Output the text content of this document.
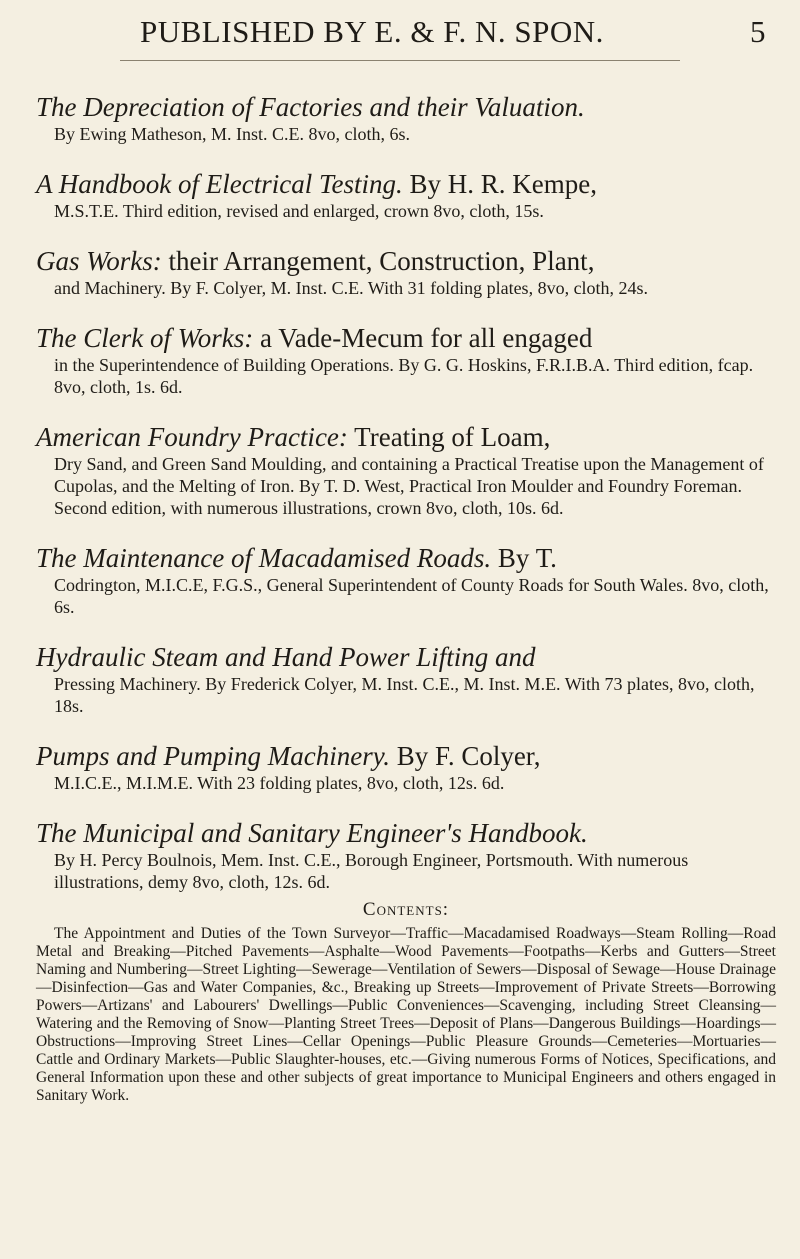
PUBLISHED BY E. & F. N. SPON.	5
The Depreciation of Factories and their Valuation.
By Ewing Matheson, M. Inst. C.E. 8vo, cloth, 6s.
A Handbook of Electrical Testing. By H. R. Kempe,
M.S.T.E. Third edition, revised and enlarged, crown 8vo, cloth, 15s.
Gas Works: their Arrangement, Construction, Plant,
and Machinery. By F. Colyer, M. Inst. C.E. With 31 folding plates, 8vo, cloth, 24s.
The Clerk of Works: a Vade-Mecum for all engaged
in the Superintendence of Building Operations. By G. G. Hoskins, F.R.I.B.A. Third edition, fcap. 8vo, cloth, 1s. 6d.
American Foundry Practice: Treating of Loam,
Dry Sand, and Green Sand Moulding, and containing a Practical Treatise upon the Management of Cupolas, and the Melting of Iron. By T. D. West, Practical Iron Moulder and Foundry Foreman. Second edition, with numerous illustrations, crown 8vo, cloth, 10s. 6d.
The Maintenance of Macadamised Roads. By T.
Codrington, M.I.C.E, F.G.S., General Superintendent of County Roads for South Wales. 8vo, cloth, 6s.
Hydraulic Steam and Hand Power Lifting and
Pressing Machinery. By Frederick Colyer, M. Inst. C.E., M. Inst. M.E. With 73 plates, 8vo, cloth, 18s.
Pumps and Pumping Machinery. By F. Colyer,
M.I.C.E., M.I.M.E. With 23 folding plates, 8vo, cloth, 12s. 6d.
The Municipal and Sanitary Engineer's Handbook.
By H. Percy Boulnois, Mem. Inst. C.E., Borough Engineer, Portsmouth. With numerous illustrations, demy 8vo, cloth, 12s. 6d.
Contents:
The Appointment and Duties of the Town Surveyor—Traffic—Macadamised Roadways—Steam Rolling—Road Metal and Breaking—Pitched Pavements—Asphalte—Wood Pavements—Footpaths—Kerbs and Gutters—Street Naming and Numbering—Street Lighting—Sewerage—Ventilation of Sewers—Disposal of Sewage—House Drainage—Disinfection—Gas and Water Companies, &c., Breaking up Streets—Improvement of Private Streets—Borrowing Powers—Artizans' and Labourers' Dwellings—Public Conveniences—Scavenging, including Street Cleansing—Watering and the Removing of Snow—Planting Street Trees—Deposit of Plans—Dangerous Buildings—Hoardings—Obstructions—Improving Street Lines—Cellar Openings—Public Pleasure Grounds—Cemeteries—Mortuaries—Cattle and Ordinary Markets—Public Slaughter-houses, etc.—Giving numerous Forms of Notices, Specifications, and General Information upon these and other subjects of great importance to Municipal Engineers and others engaged in Sanitary Work.
